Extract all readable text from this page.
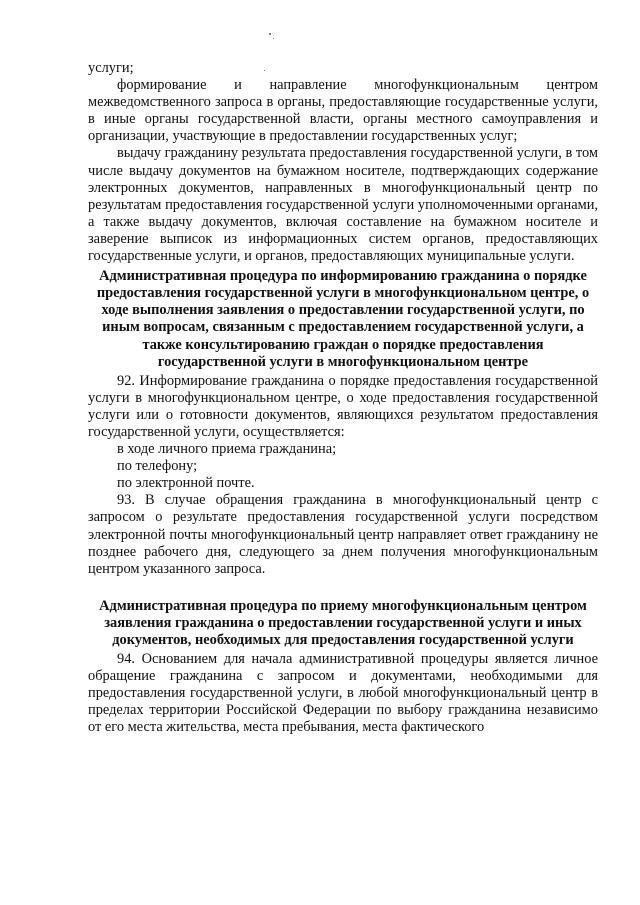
услуги;

формирование и направление многофункциональным центром межведомственного запроса в органы, предоставляющие государственные услуги, в иные органы государственной власти, органы местного самоуправления и организации, участвующие в предоставлении государственных услуг;

выдачу гражданину результата предоставления государственной услуги, в том числе выдачу документов на бумажном носителе, подтверждающих содержание электронных документов, направленных в многофункциональный центр по результатам предоставления государственной услуги уполномоченными органами, а также выдачу документов, включая составление на бумажном носителе и заверение выписок из информационных систем органов, предоставляющих государственные услуги, и органов, предоставляющих муниципальные услуги.

Административная процедура по информированию гражданина о порядке предоставления государственной услуги в многофункциональном центре, о ходе выполнения заявления о предоставлении государственной услуги, по иным вопросам, связанным с предоставлением государственной услуги, а также консультированию граждан о порядке предоставления государственной услуги в многофункциональном центре

92. Информирование гражданина о порядке предоставления государственной услуги в многофункциональном центре, о ходе предоставления государственной услуги или о готовности документов, являющихся результатом предоставления государственной услуги, осуществляется:

в ходе личного приема гражданина;

по телефону;

по электронной почте.

93. В случае обращения гражданина в многофункциональный центр с запросом о результате предоставления государственной услуги посредством электронной почты многофункциональный центр направляет ответ гражданину не позднее рабочего дня, следующего за днем получения многофункциональным центром указанного запроса.

Административная процедура по приему многофункциональным центром заявления гражданина о предоставлении государственной услуги и иных документов, необходимых для предоставления государственной услуги

94. Основанием для начала административной процедуры является личное обращение гражданина с запросом и документами, необходимыми для предоставления государственной услуги, в любой многофункциональный центр в пределах территории Российской Федерации по выбору гражданина независимо от его места жительства, места пребывания, места фактического
